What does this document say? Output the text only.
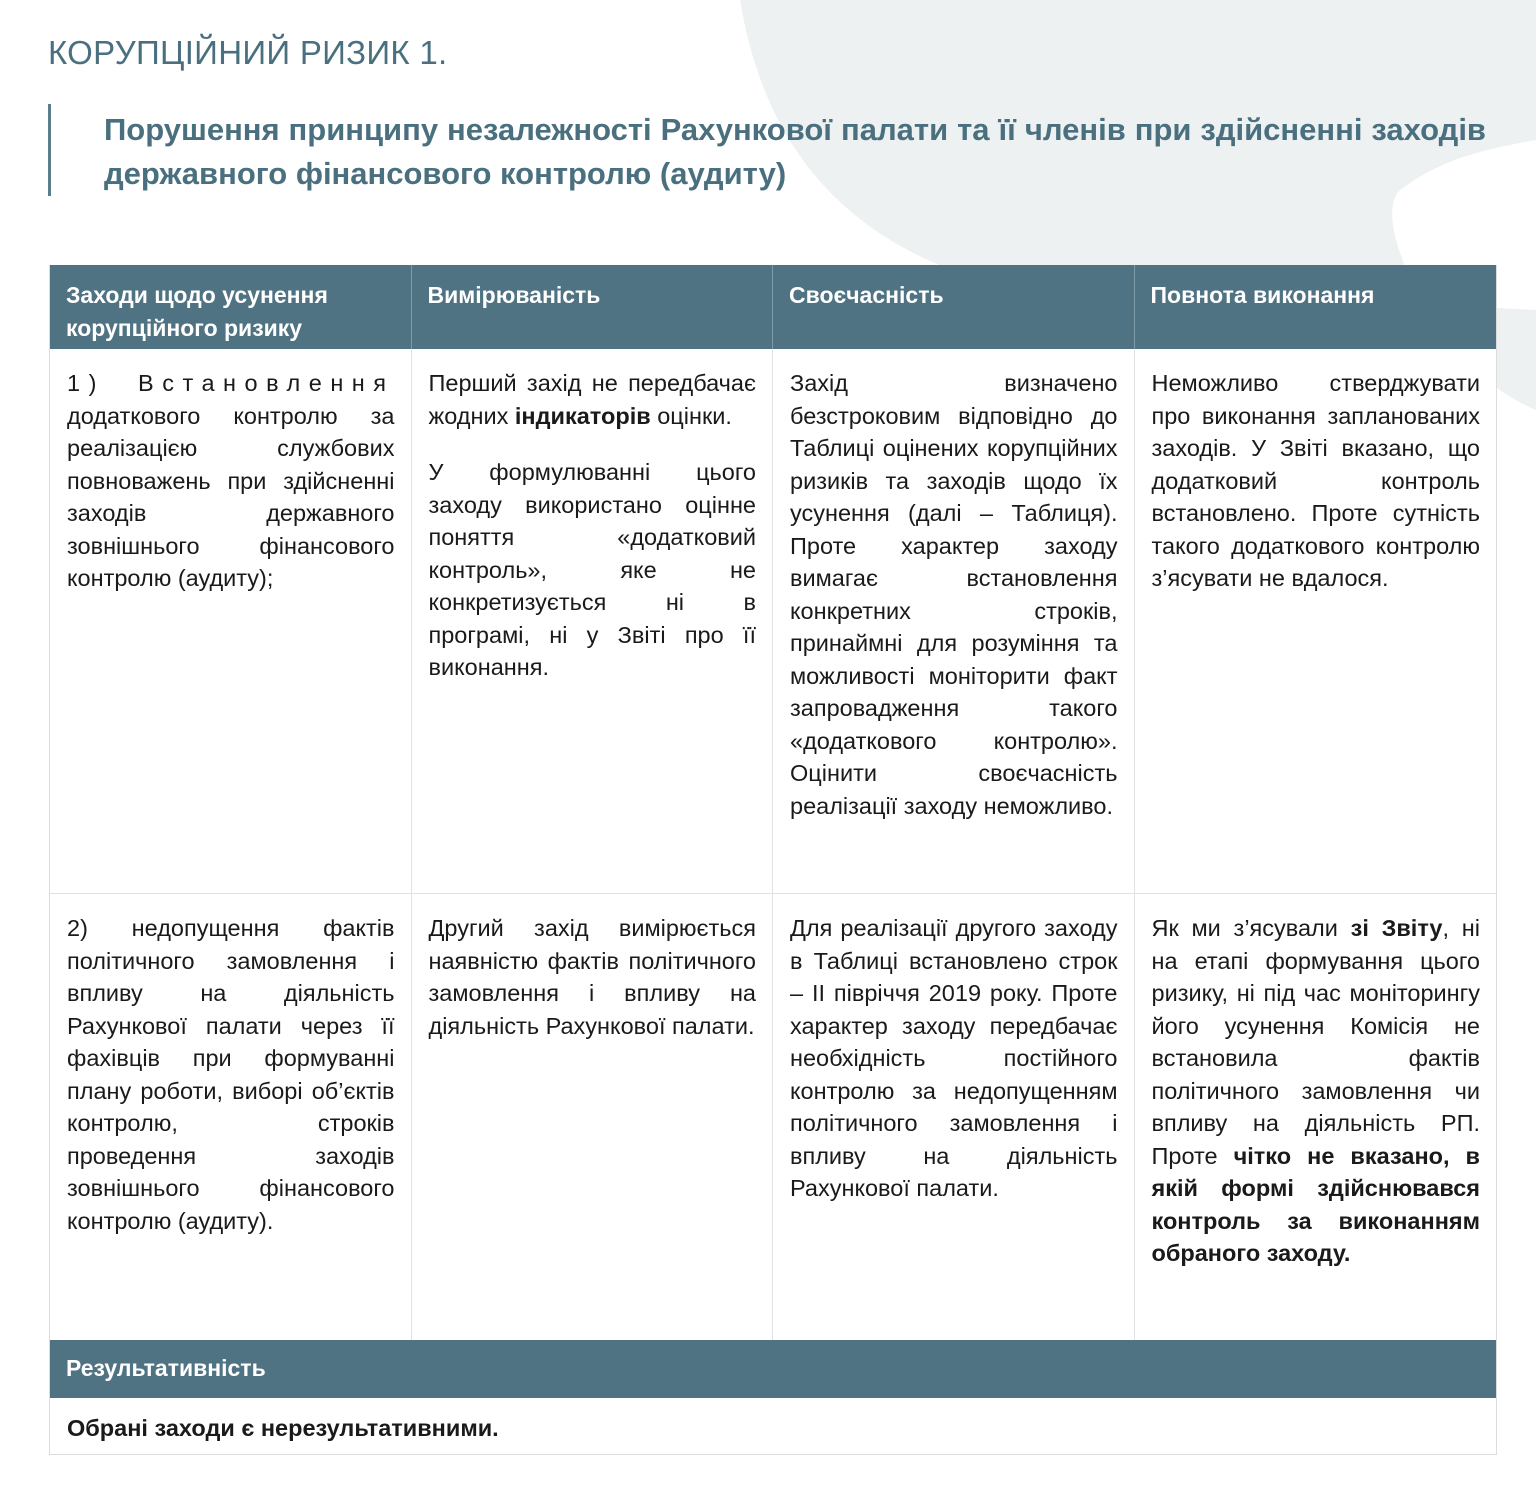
КОРУПЦІЙНИЙ РИЗИК 1.
Порушення принципу незалежності Рахункової палати та її членів при здійсненні заходів державного фінансового контролю (аудиту)
Заходи щодо усунення корупційного ризику
Вимірюваність	Своєчасність	Повнота виконання

1) Встановлення додаткового контролю за реалізацією службових повноважень при здійсненні заходів державного зовнішнього фінансового контролю (аудиту);

Перший захід не передбачає жодних індикаторів оцінки.

У формулюванні цього заходу використано оцінне поняття «додатковий контроль», яке не конкретизується ні в програмі, ні у Звіті про її виконання.

Захід визначено безстроковим відповідно до Таблиці оцінених корупційних ризиків та заходів щодо їх усунення (далі – Таблиця). Проте характер заходу вимагає встановлення конкретних строків, принаймні для розуміння та можливості моніторити факт запровадження такого «додаткового контролю». Оцінити своєчасність реалізації заходу неможливо.

Неможливо стверджувати про виконання запланованих заходів. У Звіті вказано, що додатковий контроль встановлено. Проте сутність такого додаткового контролю з’ясувати не вдалося.

2) недопущення фактів політичного замовлення і впливу на діяльність Рахункової палати через її фахівців при формуванні плану роботи, виборі об’єктів контролю, строків проведення заходів зовнішнього фінансового контролю (аудиту).

Другий захід вимірюється наявністю фактів політичного замовлення і впливу на діяльність Рахункової палати.

Для реалізації другого заходу в Таблиці встановлено строк – ІІ півріччя 2019 року. Проте характер заходу передбачає необхідність постійного контролю за недопущенням політичного замовлення і впливу на діяльність Рахункової палати.

Як ми з’ясували зі Звіту, ні на етапі формування цього ризику, ні під час моніторингу його усунення Комісія не встановила фактів політичного замовлення чи впливу на діяльність РП. Проте чітко не вказано, в якій формі здійснювався контроль за виконанням обраного заходу.

Результативність
Обрані заходи є нерезультативними.
